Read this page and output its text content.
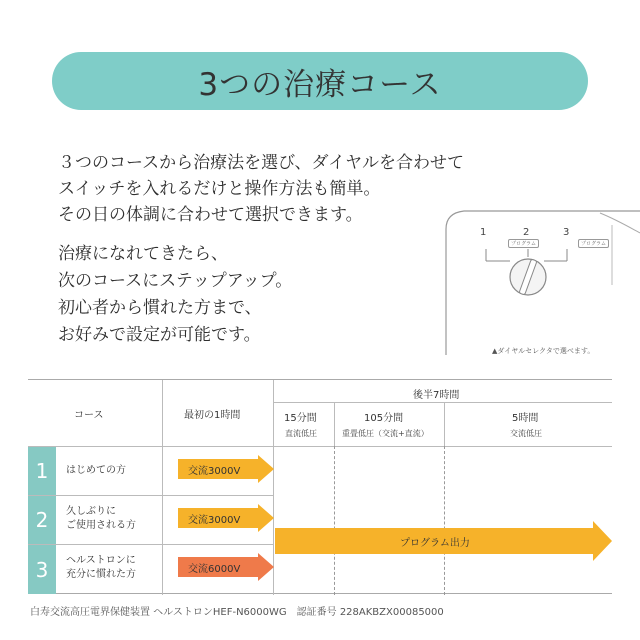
3つの治療コース
３つのコースから治療法を選び、ダイヤルを合わせて
スイッチを入れるだけと操作方法も簡単。
その日の体調に合わせて選択できます。
治療になれてきたら、
次のコースにステップアップ。
初心者から慣れた方まで、
お好みで設定が可能です。
1	2	3
プログラム	プログラム
▲ダイヤルセレクタで選べます。
コース	最初の1時間
後半7時間
15分間
直流低圧
105分間
重畳低圧（交流+直流）
5時間
交流低圧
1	はじめての方	交流3000V
2	久しぶりに
ご使用される方	交流3000V
3	ヘルストロンに
充分に慣れた方	交流6000V
プログラム出力
白寿交流高圧電界保健装置 ヘルストロンHEF-N6000WG　認証番号 228AKBZX00085000
